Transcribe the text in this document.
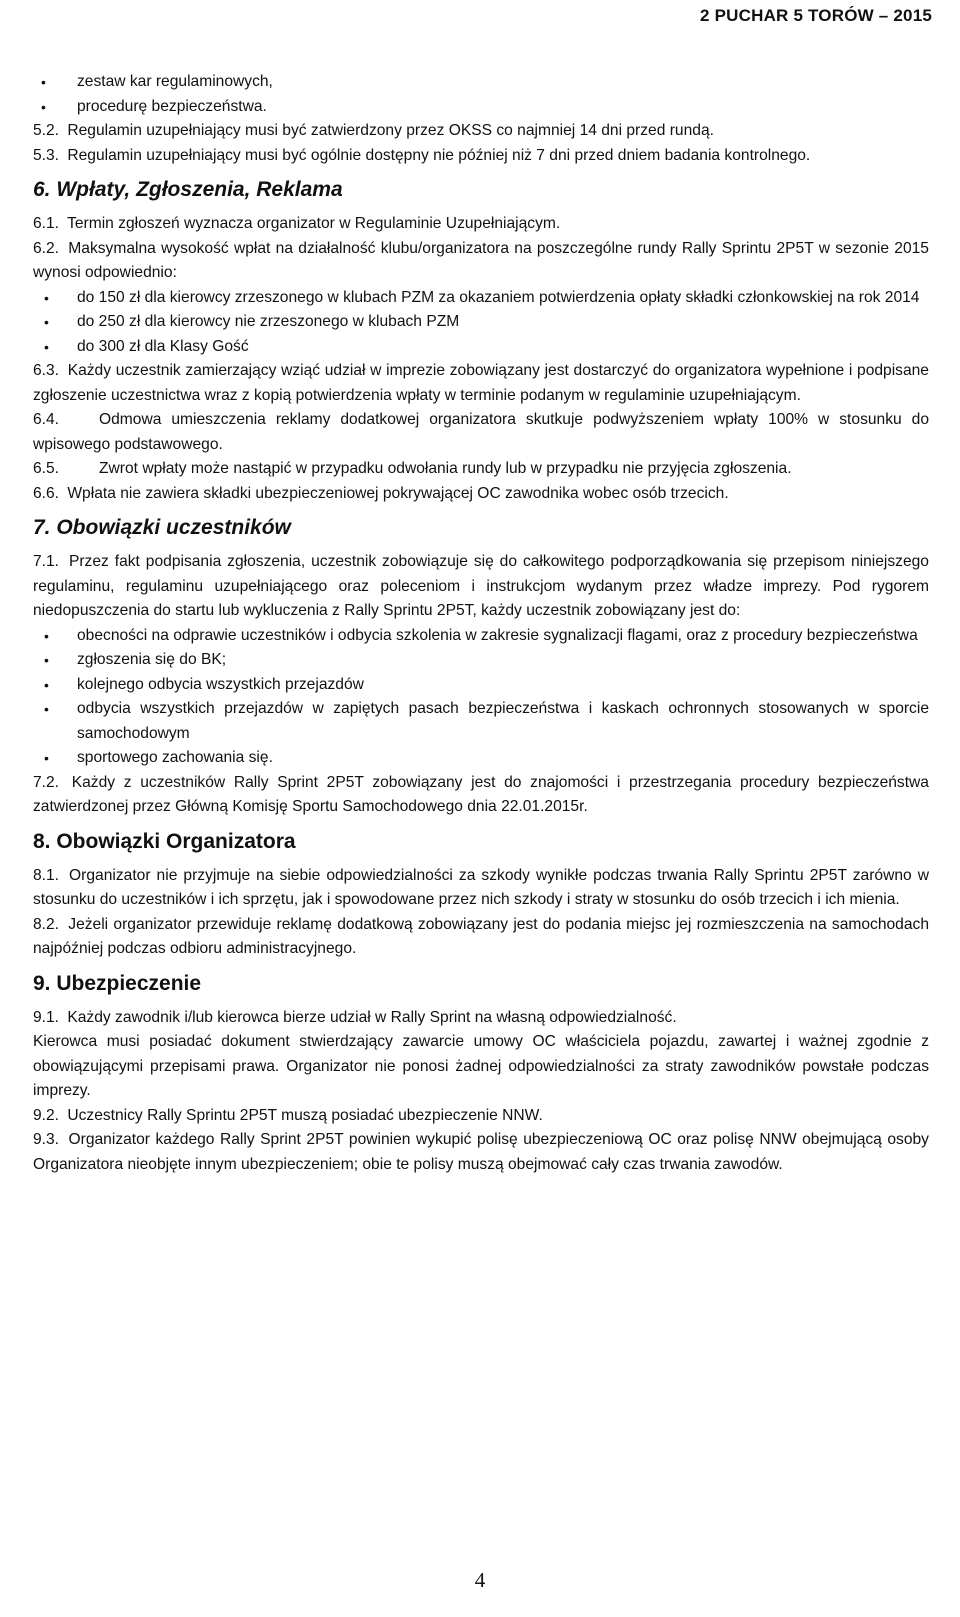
2 PUCHAR 5 TORÓW – 2015
• zestaw kar regulaminowych,
• procedurę bezpieczeństwa.

5.2. Regulamin uzupełniający musi być zatwierdzony przez OKSS co najmniej 14 dni przed rundą.

5.3. Regulamin uzupełniający musi być ogólnie dostępny nie później niż 7 dni przed dniem badania kontrolnego.

6. Wpłaty, Zgłoszenia, Reklama

6.1. Termin zgłoszeń wyznacza organizator w Regulaminie Uzupełniającym.

6.2. Maksymalna wysokość wpłat na działalność klubu/organizatora na poszczególne rundy Rally Sprintu 2P5T w sezonie 2015 wynosi odpowiednio:

• do 150 zł dla kierowcy zrzeszonego w klubach PZM za okazaniem potwierdzenia opłaty składki członkowskiej na rok 2014
• do 250 zł dla kierowcy nie zrzeszonego w klubach PZM
• do 300 zł dla Klasy Gość

6.3. Każdy uczestnik zamierzający wziąć udział w imprezie zobowiązany jest dostarczyć do organizatora wypełnione i podpisane zgłoszenie uczestnictwa wraz z kopią potwierdzenia wpłaty w terminie podanym w regulaminie uzupełniającym.

6.4.	Odmowa umieszczenia reklamy dodatkowej organizatora skutkuje podwyższeniem wpłaty 100% w stosunku do wpisowego podstawowego.

6.5.	Zwrot wpłaty może nastąpić w przypadku odwołania rundy lub w przypadku nie przyjęcia zgłoszenia.

6.6. Wpłata nie zawiera składki ubezpieczeniowej pokrywającej OC zawodnika wobec osób trzecich.

7. Obowiązki uczestników

7.1. Przez fakt podpisania zgłoszenia, uczestnik zobowiązuje się do całkowitego podporządkowania się przepisom niniejszego regulaminu, regulaminu uzupełniającego oraz poleceniom i instrukcjom wydanym przez władze imprezy. Pod rygorem niedopuszczenia do startu lub wykluczenia z Rally Sprintu 2P5T, każdy uczestnik zobowiązany jest do:

• obecności na odprawie uczestników i odbycia szkolenia w zakresie sygnalizacji flagami, oraz z procedury bezpieczeństwa
• zgłoszenia się do BK;
• kolejnego odbycia wszystkich przejazdów
• odbycia wszystkich przejazdów w zapiętych pasach bezpieczeństwa i kaskach ochronnych stosowanych w sporcie samochodowym
• sportowego zachowania się.

7.2. Każdy z uczestników Rally Sprint 2P5T zobowiązany jest do znajomości i przestrzegania procedury bezpieczeństwa zatwierdzonej przez Główną Komisję Sportu Samochodowego dnia 22.01.2015r.

8. Obowiązki Organizatora

8.1. Organizator nie przyjmuje na siebie odpowiedzialności za szkody wynikłe podczas trwania Rally Sprintu 2P5T zarówno w stosunku do uczestników i ich sprzętu, jak i spowodowane przez nich szkody i straty w stosunku do osób trzecich i ich mienia.

8.2. Jeżeli organizator przewiduje reklamę dodatkową zobowiązany jest do podania miejsc jej rozmieszczenia na samochodach najpóźniej podczas odbioru administracyjnego.

9. Ubezpieczenie

9.1. Każdy zawodnik i/lub kierowca bierze udział w Rally Sprint na własną odpowiedzialność.

Kierowca musi posiadać dokument stwierdzający zawarcie umowy OC właściciela pojazdu, zawartej i ważnej zgodnie z obowiązującymi przepisami prawa. Organizator nie ponosi żadnej odpowiedzialności za straty zawodników powstałe podczas imprezy.

9.2. Uczestnicy Rally Sprintu 2P5T muszą posiadać ubezpieczenie NNW.

9.3. Organizator każdego Rally Sprint 2P5T powinien wykupić polisę ubezpieczeniową OC oraz polisę NNW obejmującą osoby Organizatora nieobjęte innym ubezpieczeniem; obie te polisy muszą obejmować cały czas trwania zawodów.

4
